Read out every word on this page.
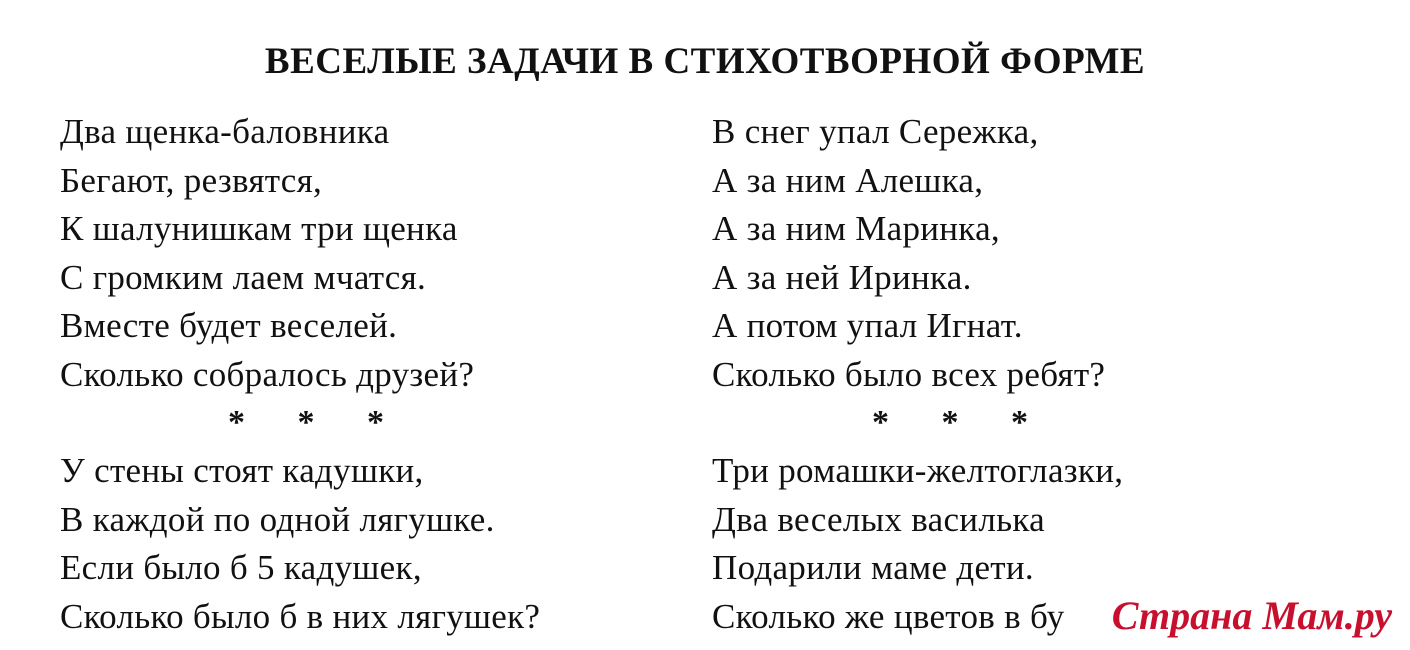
ВЕСЕЛЫЕ ЗАДАЧИ В СТИХОТВОРНОЙ ФОРМЕ
Два щенка-баловника
Бегают, резвятся,
К шалунишкам три щенка
С громким лаем мчатся.
Вместе будет веселей.
Сколько собралось друзей?
* * *
У стены стоят кадушки,
В каждой по одной лягушке.
Если было б 5 кадушек,
Сколько было б в них лягушек?
В снег упал Сережка,
А за ним Алешка,
А за ним Маринка,
А за ней Иринка.
А потом упал Игнат.
Сколько было всех ребят?
* * *
Три ромашки-желтоглазки,
Два веселых василька
Подарили маме дети.
Сколько же цветов в бу	Страна Мам.ру
